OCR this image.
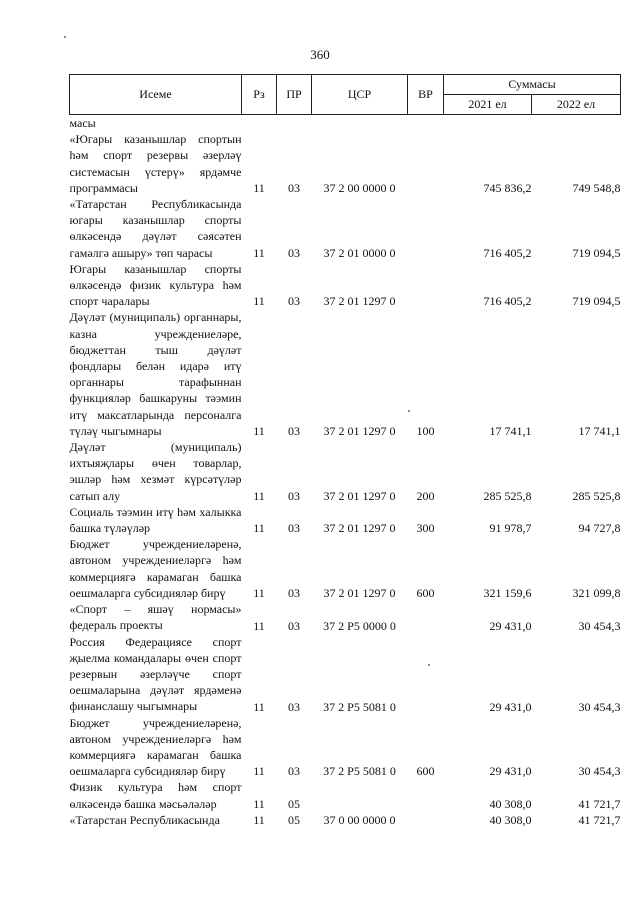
360
Исеме	Рз	ПР	ЦСР	ВР	Суммасы	
					2021 ел	2022 ел
масы						
«Югары казанышлар спортын һәм спорт резервы әзерләү системасын үстерү» ярдәмче программасы	11	03	37 2 00 0000 0		745 836,2	749 548,8
«Татарстан Республикасында югары казанышлар спорты өлкәсендә дәүләт сәясәтен гамәлгә ашыру» төп чарасы	11	03	37 2 01 0000 0		716 405,2	719 094,5
Югары казанышлар спорты өлкәсендә физик культура һәм спорт чаралары	11	03	37 2 01 1297 0		716 405,2	719 094,5
Дәүләт (муниципаль) органнары, казна учреждениеләре, бюджеттан тыш дәүләт фондлары белән идарә итү органнары тарафыннан функцияләр башкаруны тәэмин итү максатларында персоналга түләү чыгымнары	11	03	37 2 01 1297 0	100	17 741,1	17 741,1
Дәүләт (муниципаль) ихтыяҗлары өчен товарлар, эшләр һәм хезмәт күрсәтүләр сатып алу	11	03	37 2 01 1297 0	200	285 525,8	285 525,8
Социаль тәэмин итү һәм халыкка башка түләүләр	11	03	37 2 01 1297 0	300	91 978,7	94 727,8
Бюджет учреждениеләренә, автоном учреждениеләргә һәм коммерциягә карамаган башка оешмаларга субсидияләр бирү	11	03	37 2 01 1297 0	600	321 159,6	321 099,8
«Спорт – яшәү нормасы» федераль проекты	11	03	37 2 P5 0000 0		29 431,0	30 454,3
Россия Федерациясе спорт җыелма командалары өчен спорт резервын әзерләүче спорт оешмаларына дәүләт ярдәменә финанслашу чыгымнары	11	03	37 2 P5 5081 0		29 431,0	30 454,3
Бюджет учреждениеләренә, автоном учреждениеләргә һәм коммерциягә карамаган башка оешмаларга субсидияләр бирү	11	03	37 2 P5 5081 0	600	29 431,0	30 454,3
Физик культура һәм спорт өлкәсендә башка мәсьәләләр	11	05			40 308,0	41 721,7
«Татарстан Республикасында	11	05	37 0 00 0000 0		40 308,0	41 721,7
